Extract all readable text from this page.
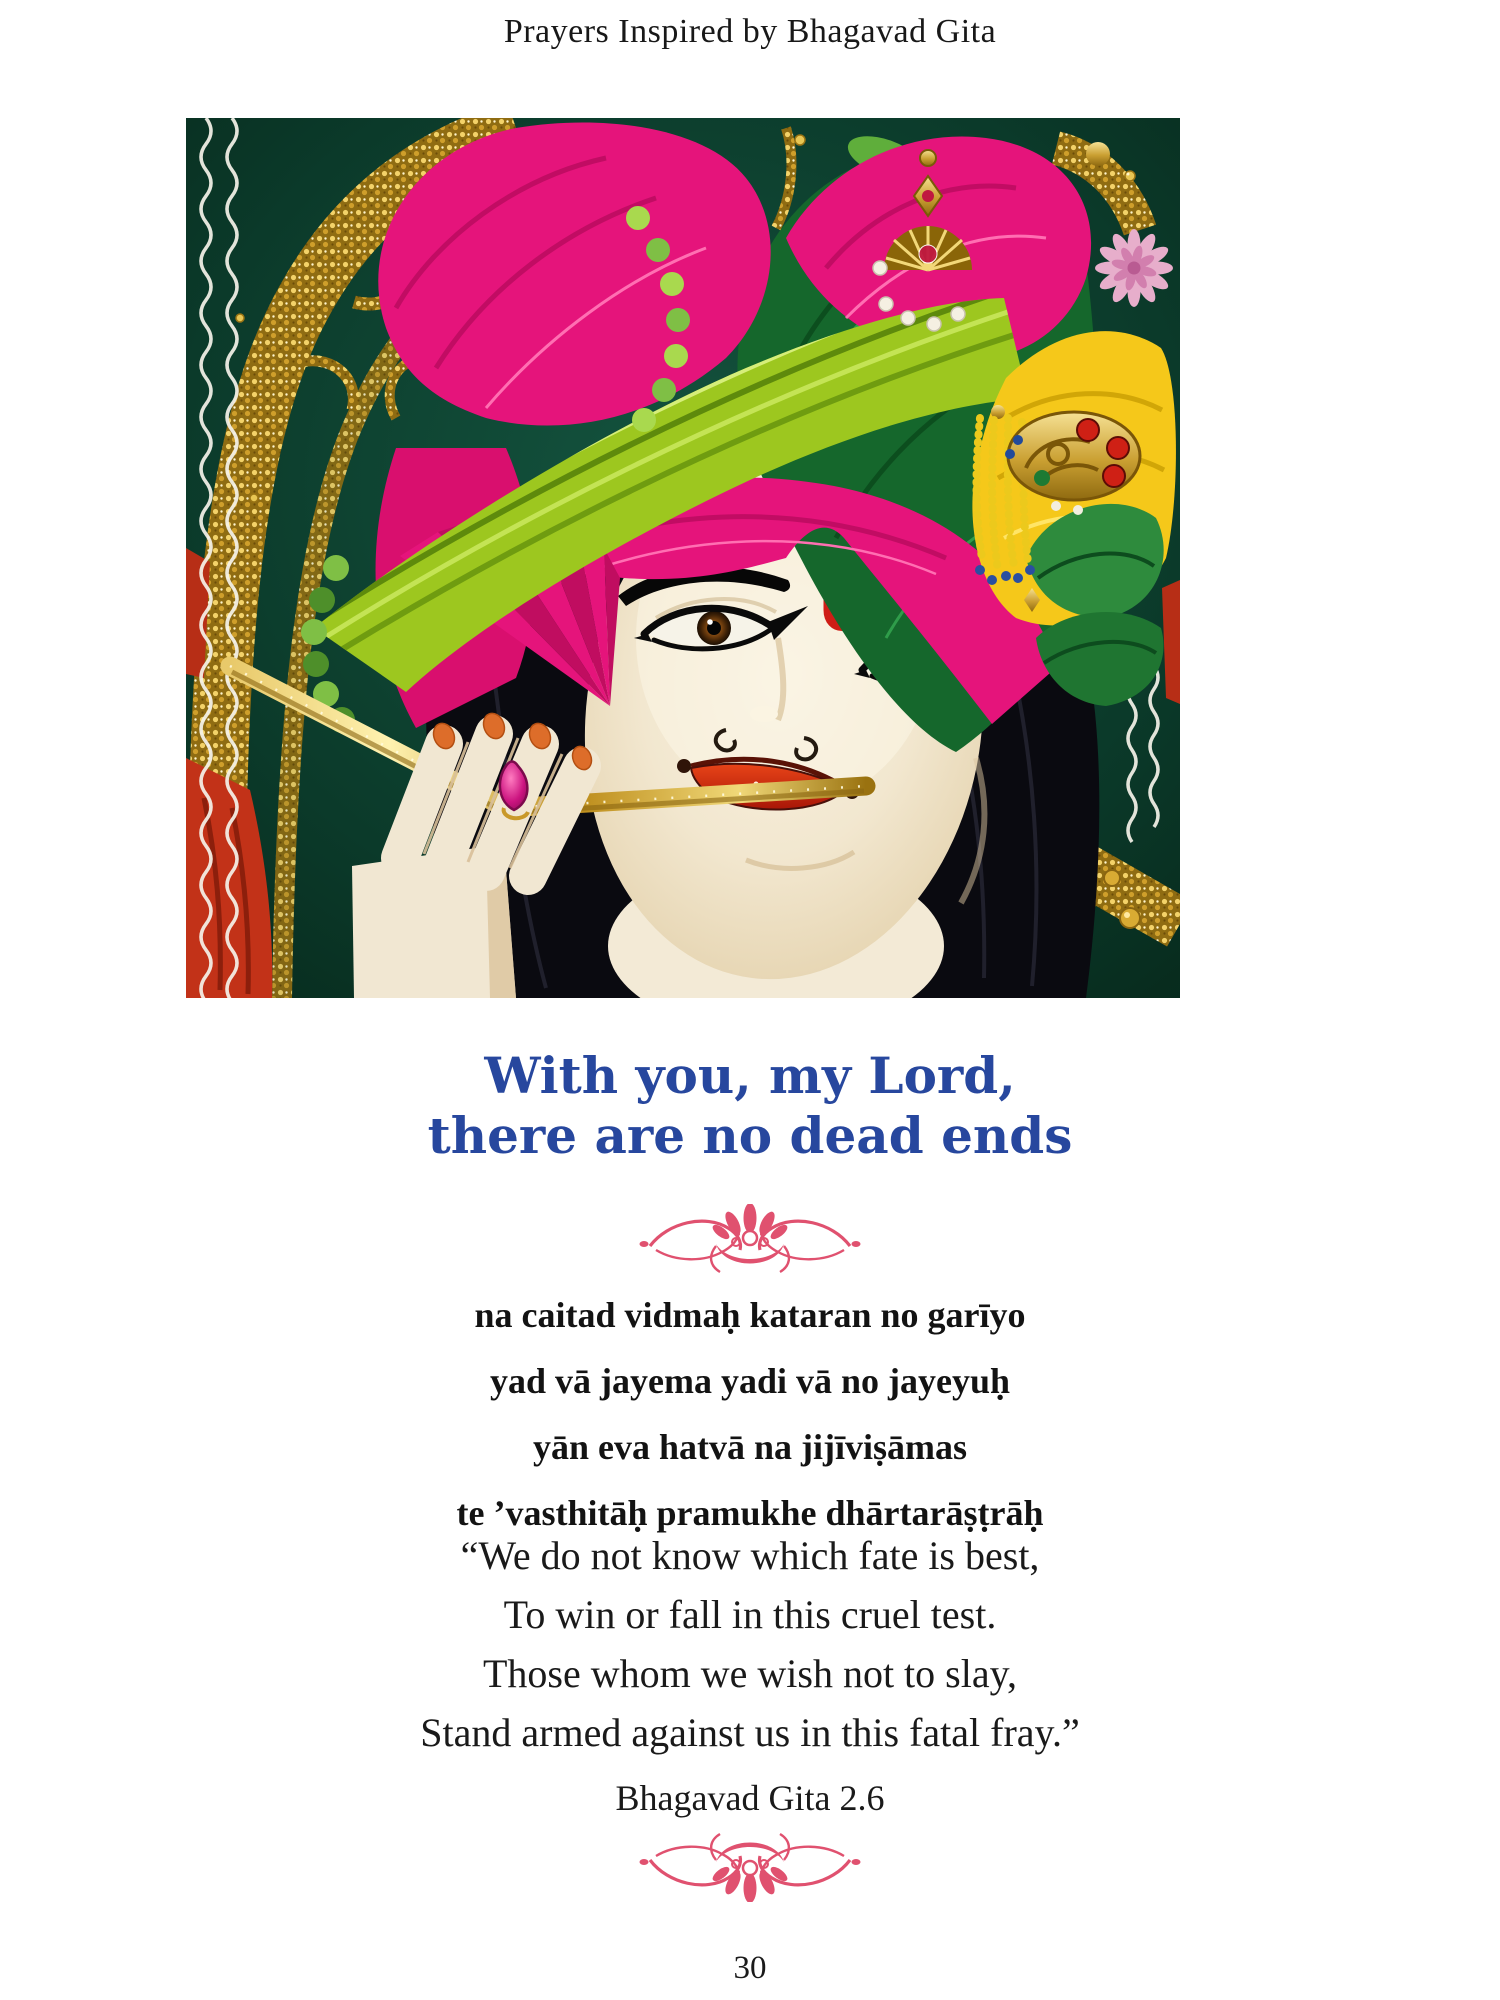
Prayers Inspired by Bhagavad Gita
With you, my Lord,
there are no dead ends
na caitad vidmaḥ kataran no garīyo
yad vā jayema yadi vā no jayeyuḥ
yān eva hatvā na jijīviṣāmas
te ’vasthitāḥ pramukhe dhārtarāṣṭrāḥ
“We do not know which fate is best,
To win or fall in this cruel test.
Those whom we wish not to slay,
Stand armed against us in this fatal fray.”
Bhagavad Gita 2.6
30
